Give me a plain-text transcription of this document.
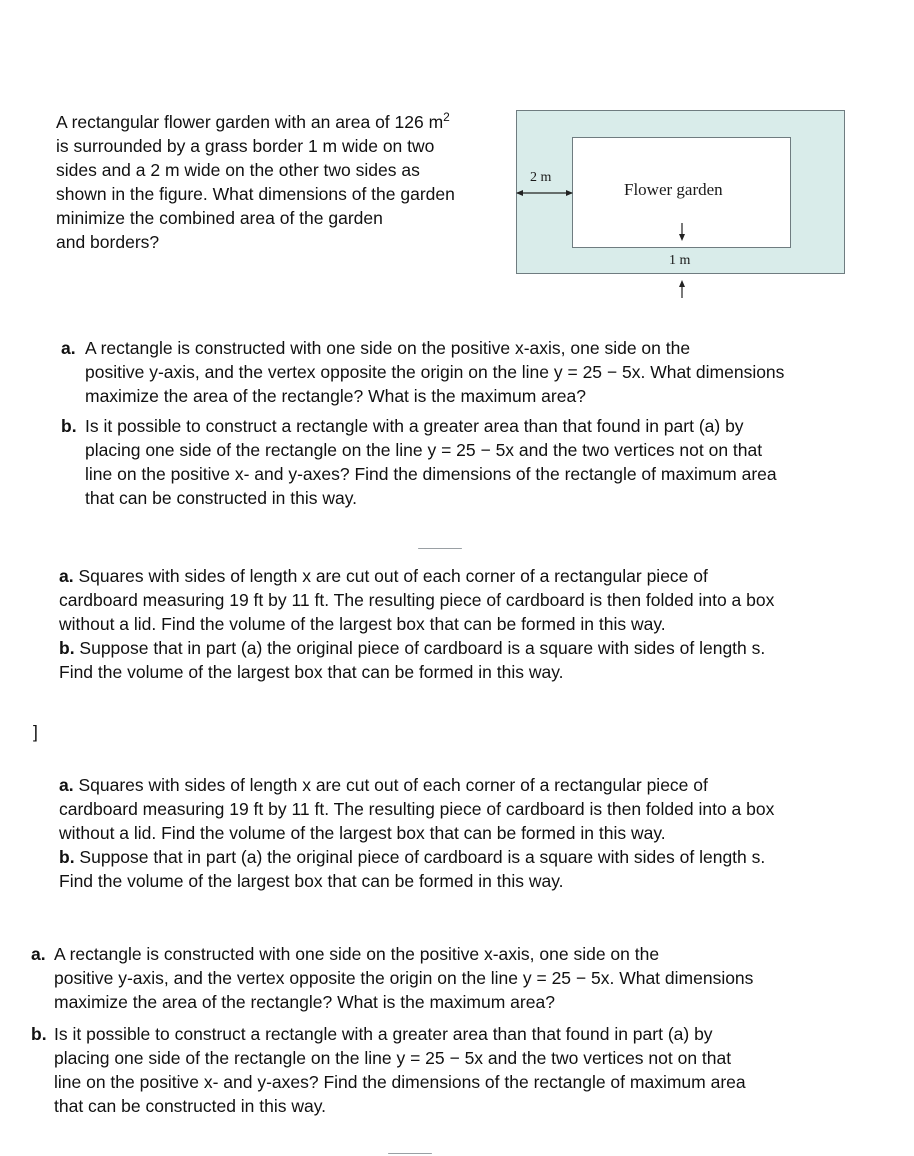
A rectangular flower garden with an area of 126 $m^2$
is surrounded by a grass border 1 m wide on two
sides and a 2 m wide on the other two sides as
shown in the figure. What dimensions of the garden
minimize the combined area of the garden
and borders?
Flower garden
2 m
1 m
a. A rectangle is constructed with one side on the positive x-axis, one side on the
positive y-axis, and the vertex opposite the origin on the line y = 25 − 5x. What dimensions
maximize the area of the rectangle? What is the maximum area?
b. Is it possible to construct a rectangle with a greater area than that found in part (a) by
placing one side of the rectangle on the line y = 25 − 5x and the two vertices not on that
line on the positive x- and y-axes? Find the dimensions of the rectangle of maximum area
that can be constructed in this way.
a. Squares with sides of length x are cut out of each corner of a rectangular piece of
cardboard measuring 19 ft by 11 ft. The resulting piece of cardboard is then folded into a box
without a lid. Find the volume of the largest box that can be formed in this way.
b. Suppose that in part (a) the original piece of cardboard is a square with sides of length s.
Find the volume of the largest box that can be formed in this way.
]
a. Squares with sides of length x are cut out of each corner of a rectangular piece of
cardboard measuring 19 ft by 11 ft. The resulting piece of cardboard is then folded into a box
without a lid. Find the volume of the largest box that can be formed in this way.
b. Suppose that in part (a) the original piece of cardboard is a square with sides of length s.
Find the volume of the largest box that can be formed in this way.
a. A rectangle is constructed with one side on the positive x-axis, one side on the
positive y-axis, and the vertex opposite the origin on the line y = 25 − 5x. What dimensions
maximize the area of the rectangle? What is the maximum area?
b. Is it possible to construct a rectangle with a greater area than that found in part (a) by
placing one side of the rectangle on the line y = 25 − 5x and the two vertices not on that
line on the positive x- and y-axes? Find the dimensions of the rectangle of maximum area
that can be constructed in this way.
